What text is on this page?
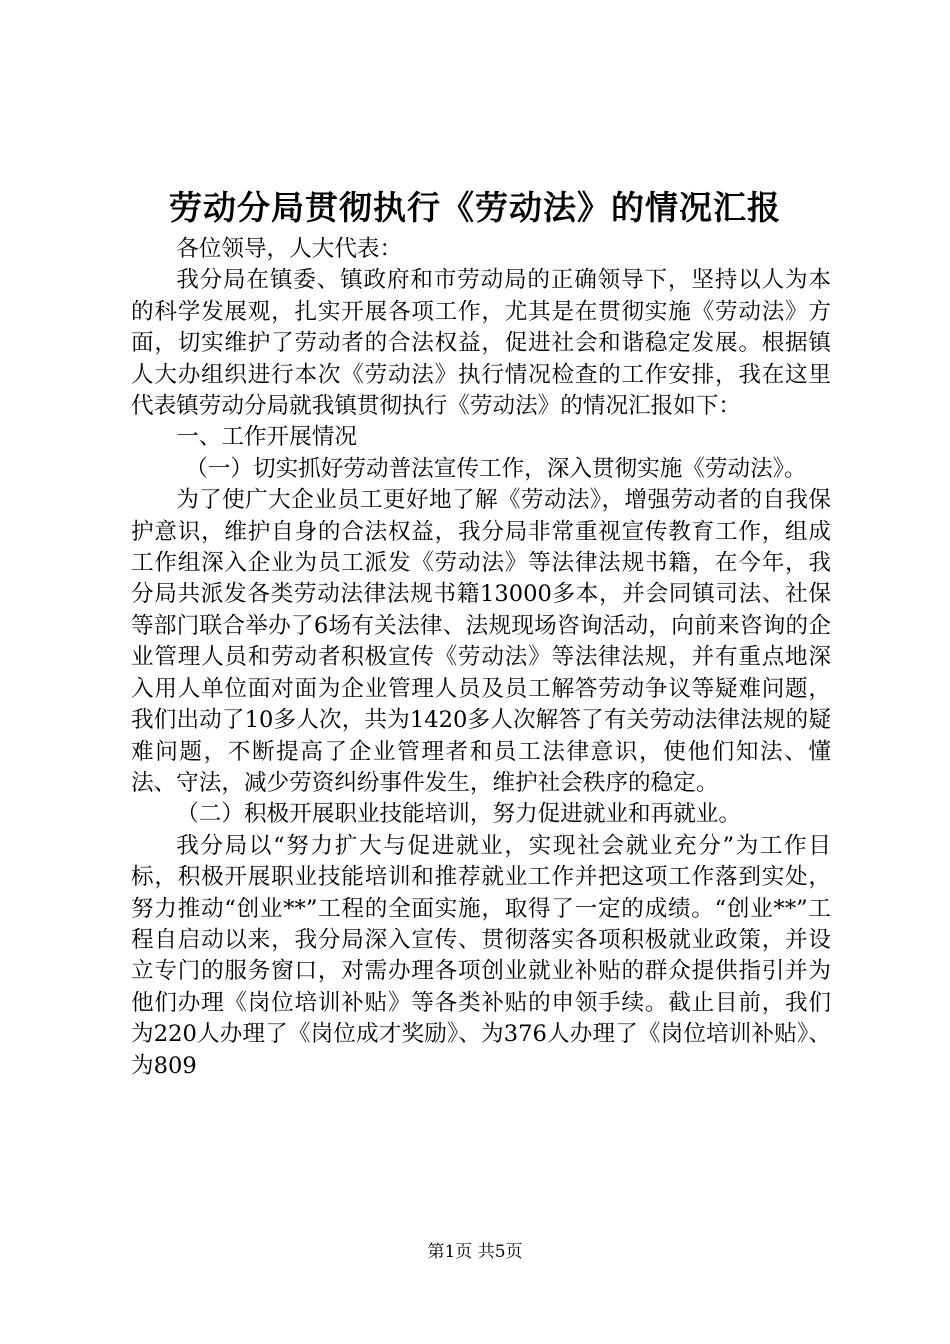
劳动分局贯彻执行《劳动法》的情况汇报

各位领导，人大代表：

我分局在镇委、镇政府和市劳动局的正确领导下，坚持以人为本的科学发展观，扎实开展各项工作，尤其是在贯彻实施《劳动法》方面，切实维护了劳动者的合法权益，促进社会和谐稳定发展。根据镇人大办组织进行本次《劳动法》执行情况检查的工作安排，我在这里代表镇劳动分局就我镇贯彻执行《劳动法》的情况汇报如下：

一、工作开展情况

（一）切实抓好劳动普法宣传工作，深入贯彻实施《劳动法》。

为了使广大企业员工更好地了解《劳动法》，增强劳动者的自我保护意识，维护自身的合法权益，我分局非常重视宣传教育工作，组成工作组深入企业为员工派发《劳动法》等法律法规书籍，在今年，我分局共派发各类劳动法律法规书籍13000多本，并会同镇司法、社保等部门联合举办了6场有关法律、法规现场咨询活动，向前来咨询的企业管理人员和劳动者积极宣传《劳动法》等法律法规，并有重点地深入用人单位面对面为企业管理人员及员工解答劳动争议等疑难问题，我们出动了10多人次，共为1420多人次解答了有关劳动法律法规的疑难问题，不断提高了企业管理者和员工法律意识，使他们知法、懂法、守法，减少劳资纠纷事件发生，维护社会秩序的稳定。

（二）积极开展职业技能培训，努力促进就业和再就业。

我分局以“努力扩大与促进就业，实现社会就业充分”为工作目标，积极开展职业技能培训和推荐就业工作并把这项工作落到实处，努力推动“创业**”工程的全面实施，取得了一定的成绩。“创业**”工程自启动以来，我分局深入宣传、贯彻落实各项积极就业政策，并设立专门的服务窗口，对需办理各项创业就业补贴的群众提供指引并为他们办理《岗位培训补贴》等各类补贴的申领手续。截止目前，我们为220人办理了《岗位成才奖励》、为376人办理了《岗位培训补贴》、为809

第1页 共5页
